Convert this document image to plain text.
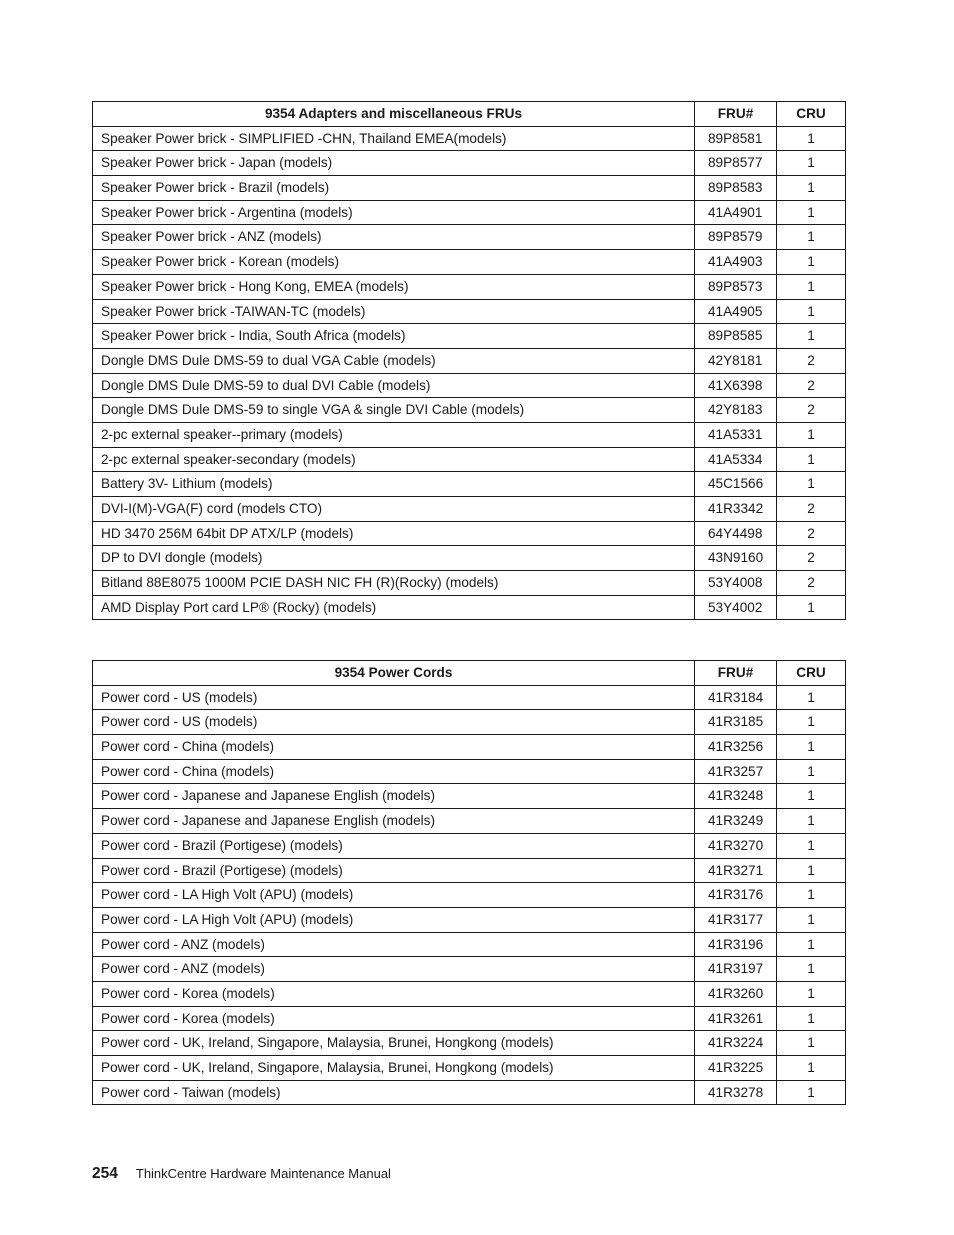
9354 Adapters and miscellaneous FRUs	FRU#	CRU
Speaker Power brick - SIMPLIFIED -CHN, Thailand EMEA(models)	89P8581	1
Speaker Power brick - Japan (models)	89P8577	1
Speaker Power brick - Brazil (models)	89P8583	1
Speaker Power brick - Argentina (models)	41A4901	1
Speaker Power brick - ANZ (models)	89P8579	1
Speaker Power brick - Korean (models)	41A4903	1
Speaker Power brick - Hong Kong, EMEA (models)	89P8573	1
Speaker Power brick -TAIWAN-TC (models)	41A4905	1
Speaker Power brick - India, South Africa (models)	89P8585	1
Dongle DMS Dule DMS-59 to dual VGA Cable (models)	42Y8181	2
Dongle DMS Dule DMS-59 to dual DVI Cable (models)	41X6398	2
Dongle DMS Dule DMS-59 to single VGA & single DVI Cable (models)	42Y8183	2
2-pc external speaker--primary (models)	41A5331	1
2-pc external speaker-secondary (models)	41A5334	1
Battery 3V- Lithium (models)	45C1566	1
DVI-I(M)-VGA(F) cord (models CTO)	41R3342	2
HD 3470 256M 64bit DP ATX/LP (models)	64Y4498	2
DP to DVI dongle (models)	43N9160	2
Bitland 88E8075 1000M PCIE DASH NIC FH (R)(Rocky) (models)	53Y4008	2
AMD Display Port card LP® (Rocky) (models)	53Y4002	1
9354 Power Cords	FRU#	CRU
Power cord - US (models)	41R3184	1
Power cord - US (models)	41R3185	1
Power cord - China (models)	41R3256	1
Power cord - China (models)	41R3257	1
Power cord - Japanese and Japanese English (models)	41R3248	1
Power cord - Japanese and Japanese English (models)	41R3249	1
Power cord - Brazil (Portigese) (models)	41R3270	1
Power cord - Brazil (Portigese) (models)	41R3271	1
Power cord - LA High Volt (APU) (models)	41R3176	1
Power cord - LA High Volt (APU) (models)	41R3177	1
Power cord - ANZ (models)	41R3196	1
Power cord - ANZ (models)	41R3197	1
Power cord - Korea (models)	41R3260	1
Power cord - Korea (models)	41R3261	1
Power cord - UK, Ireland, Singapore, Malaysia, Brunei, Hongkong (models)	41R3224	1
Power cord - UK, Ireland, Singapore, Malaysia, Brunei, Hongkong (models)	41R3225	1
Power cord - Taiwan (models)	41R3278	1
254 ThinkCentre Hardware Maintenance Manual
